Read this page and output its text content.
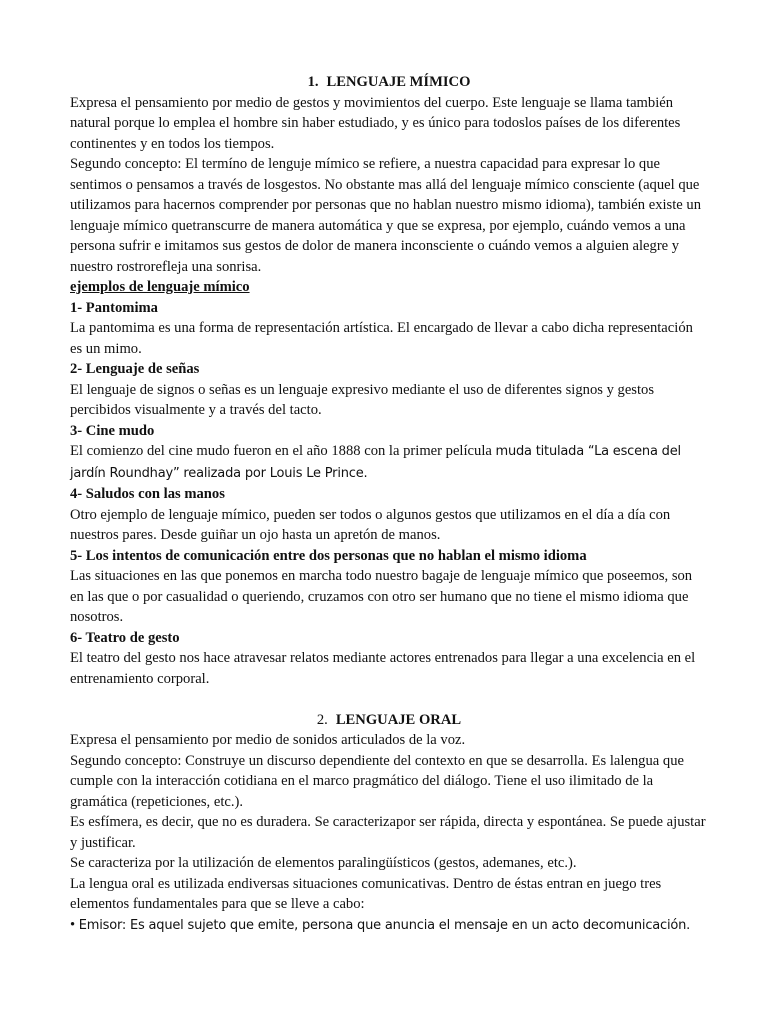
1. LENGUAJE MÍMICO

Expresa el pensamiento por medio de gestos y movimientos del cuerpo. Este lenguaje se llama también natural porque lo emplea el hombre sin haber estudiado, y es único para todoslos países de los diferentes continentes y en todos los tiempos.

Segundo concepto: El termíno de lenguje mímico se refiere, a nuestra capacidad para expresar lo que sentimos o pensamos a través de losgestos. No obstante mas allá del lenguaje mímico consciente (aquel que utilizamos para hacernos comprender por personas que no hablan nuestro mismo idioma), también existe un lenguaje mímico quetranscurre de manera automática y que se expresa, por ejemplo, cuándo vemos a una persona sufrir e imitamos sus gestos de dolor de manera inconsciente o cuándo vemos a alguien alegre y nuestro rostrorefleja una sonrisa.

ejemplos de lenguaje mímico

1- Pantomima

La pantomima es una forma de representación artística. El encargado de llevar a cabo dicha representación es un mimo.

2- Lenguaje de señas

El lenguaje de signos o señas es un lenguaje expresivo mediante el uso de diferentes signos y gestos percibidos visualmente y a través del tacto.

3- Cine mudo

El comienzo del cine mudo fueron en el año 1888 con la primer película muda titulada “La escena del jardín Roundhay” realizada por Louis Le Prince.

4- Saludos con las manos

Otro ejemplo de lenguaje mímico, pueden ser todos o algunos gestos que utilizamos en el día a día con nuestros pares. Desde guiñar un ojo hasta un apretón de manos.

5- Los intentos de comunicación entre dos personas que no hablan el mismo idioma

Las situaciones en las que ponemos en marcha todo nuestro bagaje de lenguaje mímico que poseemos, son en las que o por casualidad o queriendo, cruzamos con otro ser humano que no tiene el mismo idioma que nosotros.

6- Teatro de gesto

El teatro del gesto nos hace atravesar relatos mediante actores entrenados para llegar a una excelencia en el entrenamiento corporal.

2. LENGUAJE ORAL

Expresa el pensamiento por medio de sonidos articulados de la voz.

Segundo concepto: Construye un discurso dependiente del contexto en que se desarrolla. Es lalengua que cumple con la interacción cotidiana en el marco pragmático del diálogo. Tiene el uso ilimitado de la gramática (repeticiones, etc.).

Es esfímera, es decir, que no es duradera. Se caracterizapor ser rápida, directa y espontánea. Se puede ajustar y justificar.

Se caracteriza por la utilización de elementos paralingüísticos (gestos, ademanes, etc.).

La lengua oral es utilizada endiversas situaciones comunicativas. Dentro de éstas entran en juego tres elementos fundamentales para que se lleve a cabo:

• Emisor: Es aquel sujeto que emite, persona que anuncia el mensaje en un acto decomunicación.
